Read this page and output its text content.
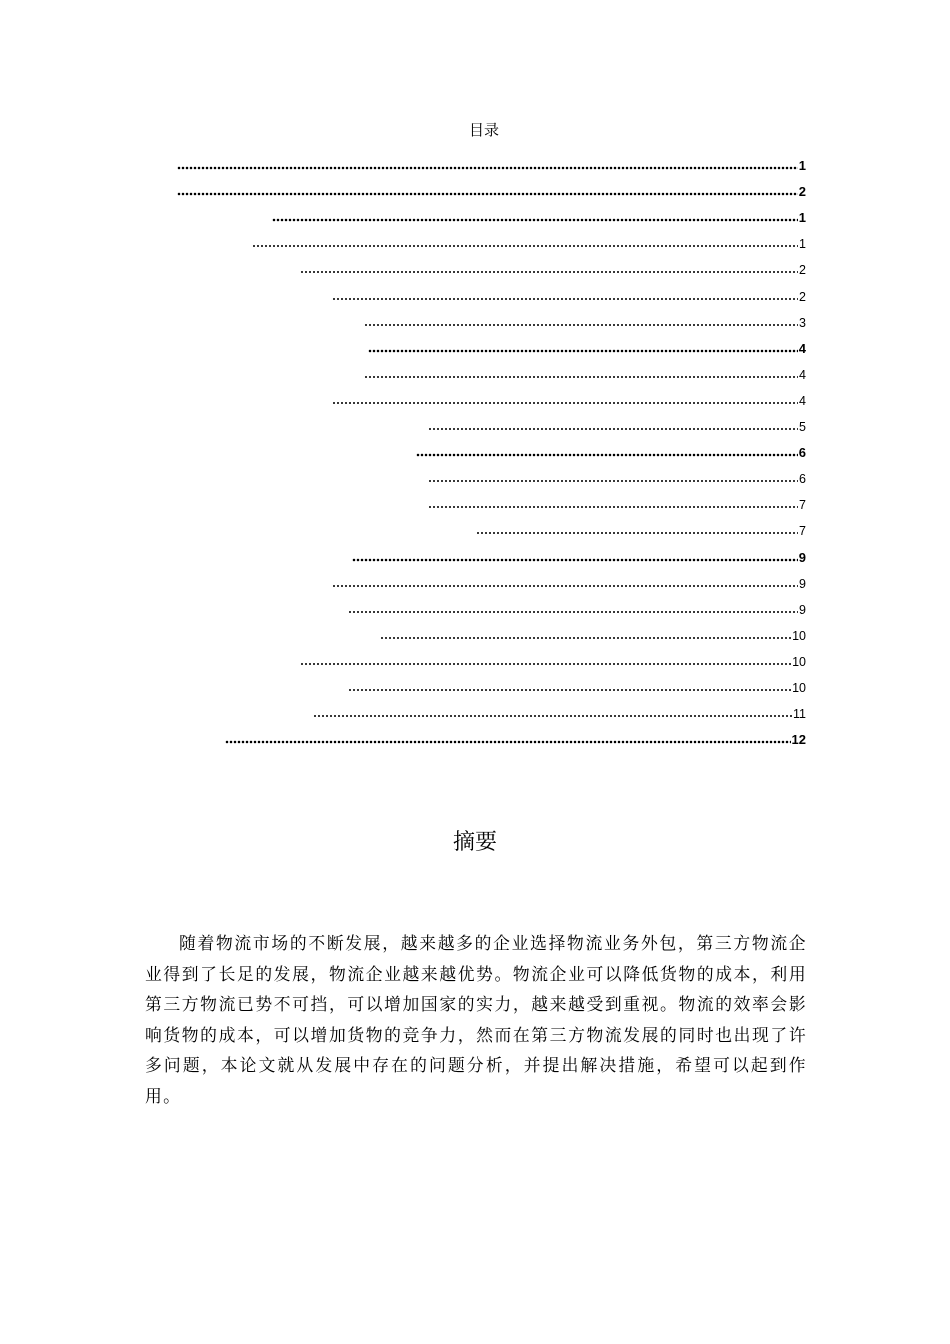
目录
1
2
1
1
2
2
3
4
4
4
5
6
6
7
7
9
9
9
10
10
10
11
12
摘要
随着物流市场的不断发展，越来越多的企业选择物流业务外包，第三方物流企业得到了长足的发展，物流企业越来越优势。物流企业可以降低货物的成本，利用第三方物流已势不可挡，可以增加国家的实力，越来越受到重视。物流的效率会影响货物的成本，可以增加货物的竞争力，然而在第三方物流发展的同时也出现了许多问题，本论文就从发展中存在的问题分析，并提出解决措施，希望可以起到作用。
